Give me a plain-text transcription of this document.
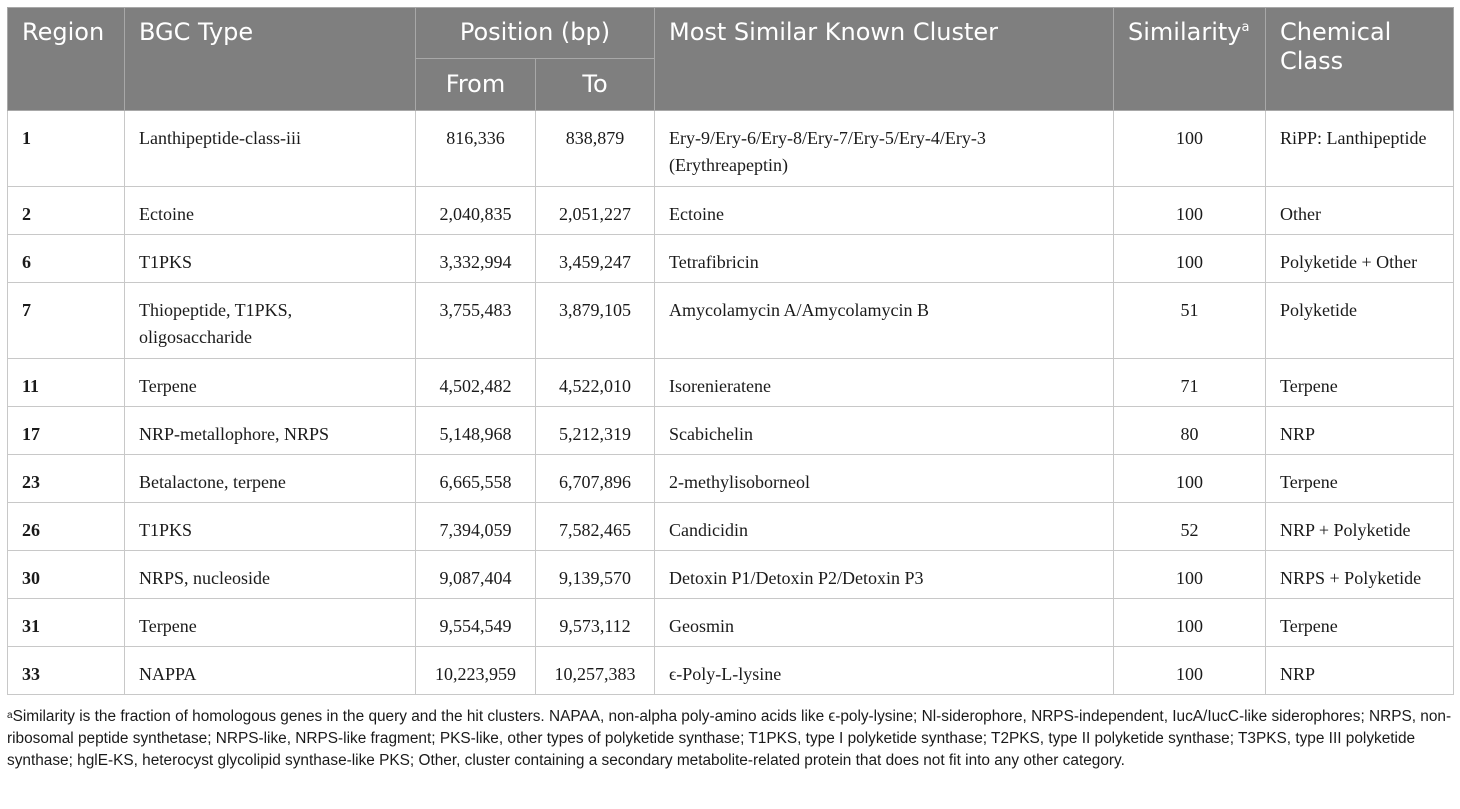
Region	BGC Type	Position (bp)		Most Similar Known Cluster	Similarity$^a$	Chemical Class
		From	To			
1	Lanthipeptide-class-iii	816,336	838,879	Ery-9/Ery-6/Ery-8/Ery-7/Ery-5/Ery-4/Ery-3 (Erythreapeptin)	100	RiPP: Lanthipeptide
2	Ectoine	2,040,835	2,051,227	Ectoine	100	Other
6	T1PKS	3,332,994	3,459,247	Tetrafibricin	100	Polyketide + Other
7	Thiopeptide, T1PKS, oligosaccharide	3,755,483	3,879,105	Amycolamycin A/Amycolamycin B	51	Polyketide
11	Terpene	4,502,482	4,522,010	Isorenieratene	71	Terpene
17	NRP-metallophore, NRPS	5,148,968	5,212,319	Scabichelin	80	NRP
23	Betalactone, terpene	6,665,558	6,707,896	2-methylisoborneol	100	Terpene
26	T1PKS	7,394,059	7,582,465	Candicidin	52	NRP + Polyketide
30	NRPS, nucleoside	9,087,404	9,139,570	Detoxin P1/Detoxin P2/Detoxin P3	100	NRPS + Polyketide
31	Terpene	9,554,549	9,573,112	Geosmin	100	Terpene
33	NAPPA	10,223,959	10,257,383	ϵ-Poly-L-lysine	100	NRP
$^a$Similarity is the fraction of homologous genes in the query and the hit clusters. NAPAA, non-alpha poly-amino acids like ϵ-poly-lysine; Nl-siderophore, NRPS-independent, IucA/IucC-like siderophores; NRPS, non-ribosomal peptide synthetase; NRPS-like, NRPS-like fragment; PKS-like, other types of polyketide synthase; T1PKS, type I polyketide synthase; T2PKS, type II polyketide synthase; T3PKS, type III polyketide synthase; hglE-KS, heterocyst glycolipid synthase-like PKS; Other, cluster containing a secondary metabolite-related protein that does not fit into any other category.
